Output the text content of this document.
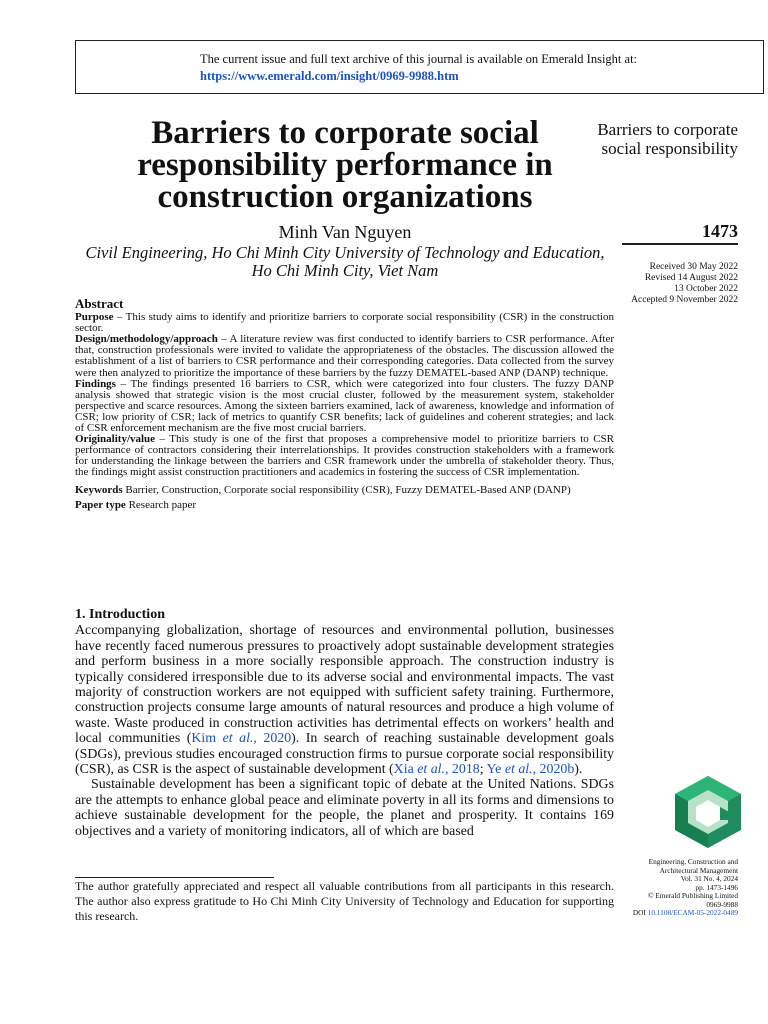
The current issue and full text archive of this journal is available on Emerald Insight at:
https://www.emerald.com/insight/0969-9988.htm
Barriers to corporate social responsibility performance in construction organizations
Minh Van Nguyen
Civil Engineering, Ho Chi Minh City University of Technology and Education,
Ho Chi Minh City, Viet Nam
Barriers to corporate social responsibility
1473
Received 30 May 2022
Revised 14 August 2022
13 October 2022
Accepted 9 November 2022
Abstract

Purpose – This study aims to identify and prioritize barriers to corporate social responsibility (CSR) in the construction sector.

Design/methodology/approach – A literature review was first conducted to identify barriers to CSR performance. After that, construction professionals were invited to validate the appropriateness of the obstacles. The discussion allowed the establishment of a list of barriers to CSR performance and their corresponding categories. Data collected from the survey were then analyzed to prioritize the importance of these barriers by the fuzzy DEMATEL-based ANP (DANP) technique.

Findings – The findings presented 16 barriers to CSR, which were categorized into four clusters. The fuzzy DANP analysis showed that strategic vision is the most crucial cluster, followed by the measurement system, stakeholder perspective and scarce resources. Among the sixteen barriers examined, lack of awareness, knowledge and information of CSR; low priority of CSR; lack of metrics to quantify CSR benefits; lack of guidelines and coherent strategies; and lack of CSR enforcement mechanism are the five most crucial barriers.

Originality/value – This study is one of the first that proposes a comprehensive model to prioritize barriers to CSR performance of contractors considering their interrelationships. It provides construction stakeholders with a framework for understanding the linkage between the barriers and CSR framework under the umbrella of stakeholder theory. Thus, the findings might assist construction practitioners and academics in fostering the success of CSR implementation.

Keywords Barrier, Construction, Corporate social responsibility (CSR), Fuzzy DEMATEL-Based ANP (DANP)

Paper type Research paper

1. Introduction

Accompanying globalization, shortage of resources and environmental pollution, businesses have recently faced numerous pressures to proactively adopt sustainable development strategies and perform business in a more socially responsible approach. The construction industry is typically considered irresponsible due to its adverse social and environmental impacts. The vast majority of construction workers are not equipped with sufficient safety training. Furthermore, construction projects consume large amounts of natural resources and produce a high volume of waste. Waste produced in construction activities has detrimental effects on workers’ health and local communities (Kim et al., 2020). In search of reaching sustainable development goals (SDGs), previous studies encouraged construction firms to pursue corporate social responsibility (CSR), as CSR is the aspect of sustainable development (Xia et al., 2018; Ye et al., 2020b).

Sustainable development has been a significant topic of debate at the United Nations. SDGs are the attempts to enhance global peace and eliminate poverty in all its forms and dimensions to achieve sustainable development for the people, the planet and prosperity. It contains 169 objectives and a variety of monitoring indicators, all of which are based

The author gratefully appreciated and respect all valuable contributions from all participants in this research. The author also express gratitude to Ho Chi Minh City University of Technology and Education for supporting this research.
Engineering, Construction and
Architectural Management
Vol. 31 No. 4, 2024
pp. 1473-1496
© Emerald Publishing Limited
0969-9988
DOI 10.1108/ECAM-05-2022-0489
